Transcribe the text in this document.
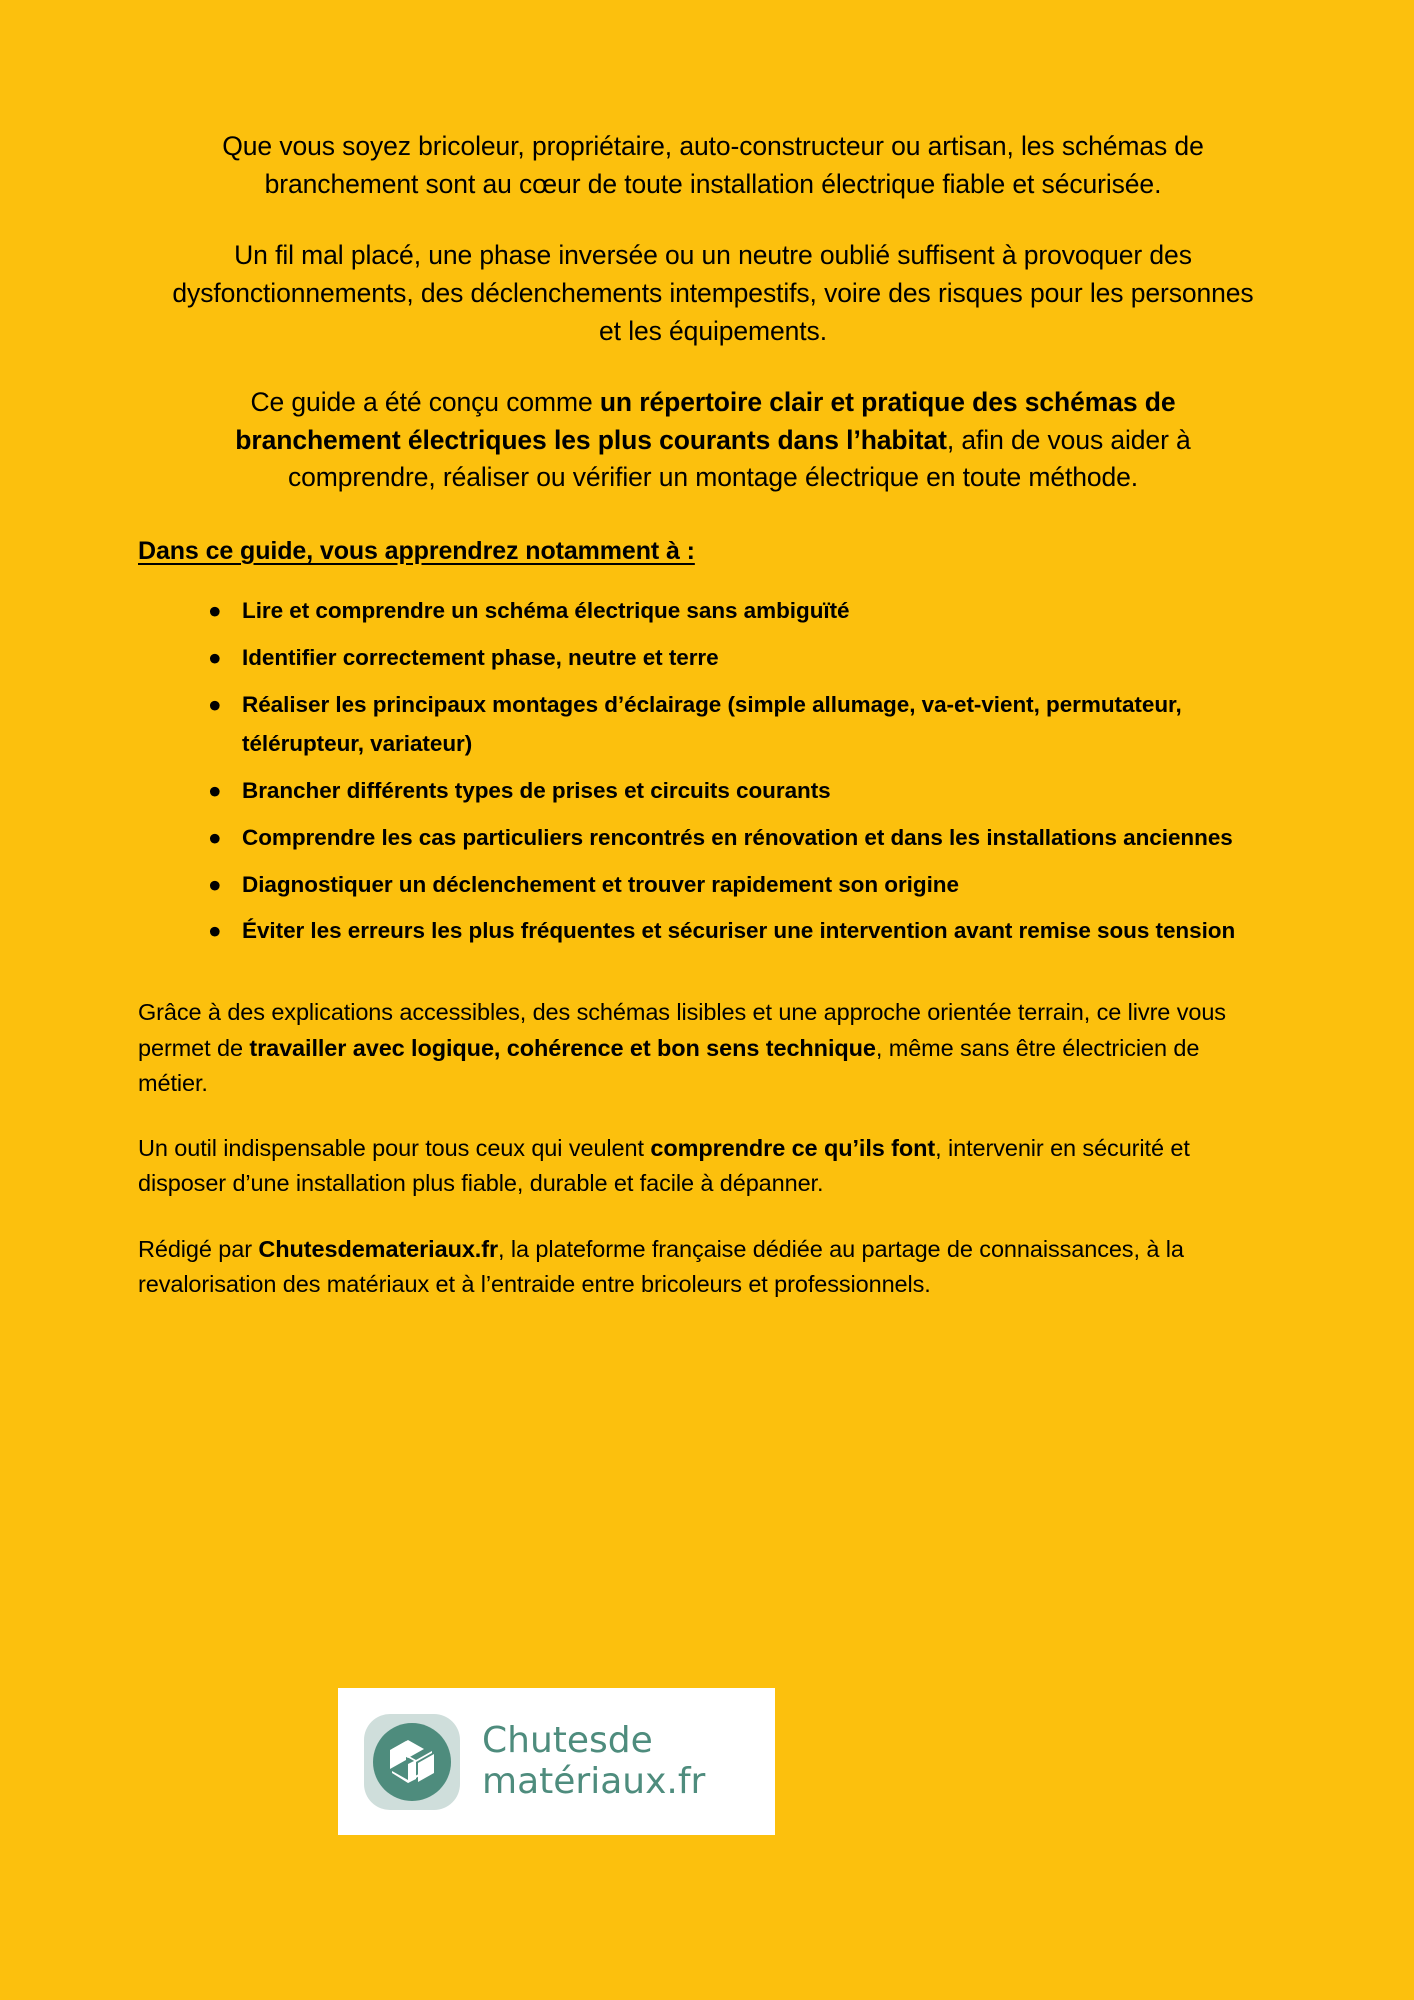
Que vous soyez bricoleur, propriétaire, auto-constructeur ou artisan, les schémas de branchement sont au cœur de toute installation électrique fiable et sécurisée.

Un fil mal placé, une phase inversée ou un neutre oublié suffisent à provoquer des dysfonctionnements, des déclenchements intempestifs, voire des risques pour les personnes et les équipements.

Ce guide a été conçu comme un répertoire clair et pratique des schémas de branchement électriques les plus courants dans l’habitat, afin de vous aider à comprendre, réaliser ou vérifier un montage électrique en toute méthode.

Dans ce guide, vous apprendrez notamment à :
● Lire et comprendre un schéma électrique sans ambiguïté
● Identifier correctement phase, neutre et terre
● Réaliser les principaux montages d’éclairage (simple allumage, va-et-vient, permutateur, télérupteur, variateur)
● Brancher différents types de prises et circuits courants
● Comprendre les cas particuliers rencontrés en rénovation et dans les installations anciennes
● Diagnostiquer un déclenchement et trouver rapidement son origine
● Éviter les erreurs les plus fréquentes et sécuriser une intervention avant remise sous tension

Grâce à des explications accessibles, des schémas lisibles et une approche orientée terrain, ce livre vous permet de travailler avec logique, cohérence et bon sens technique, même sans être électricien de métier.

Un outil indispensable pour tous ceux qui veulent comprendre ce qu’ils font, intervenir en sécurité et disposer d’une installation plus fiable, durable et facile à dépanner.

Rédigé par Chutesdemateriaux.fr, la plateforme française dédiée au partage de connaissances, à la revalorisation des matériaux et à l’entraide entre bricoleurs et professionnels.

Chutesde
matériaux.fr
